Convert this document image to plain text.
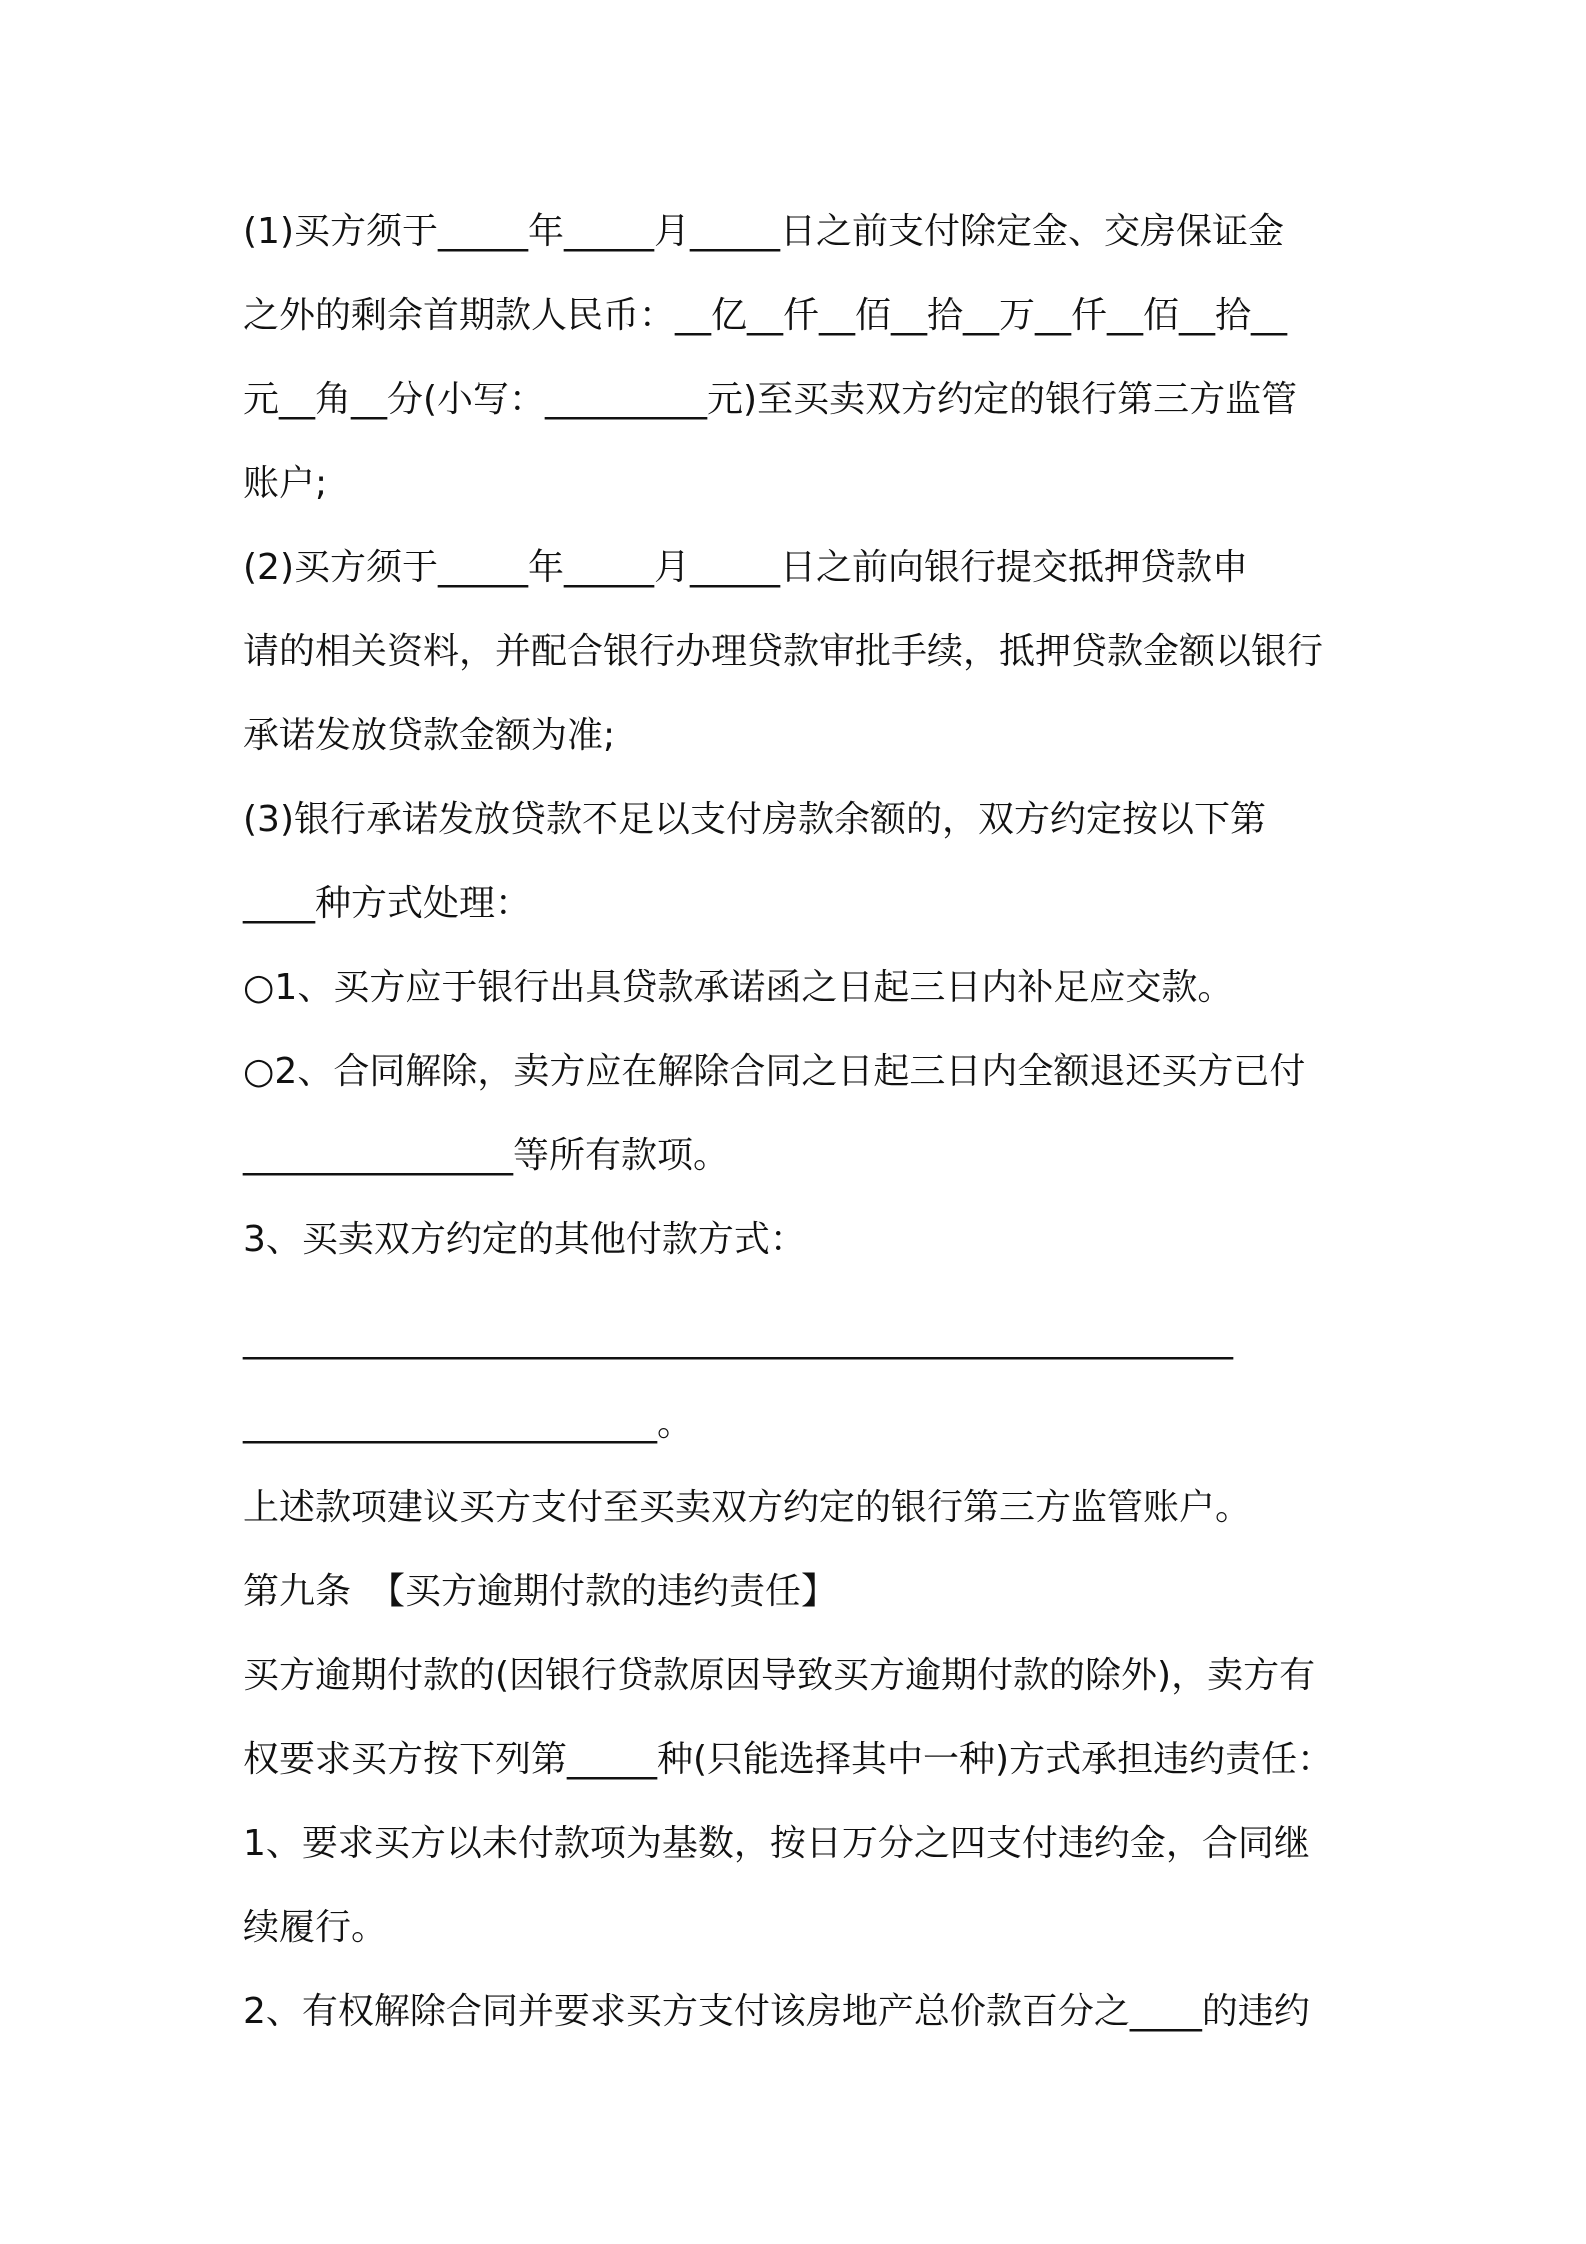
(1)买方须于_____年_____月_____日之前支付除定金、交房保证金
之外的剩余首期款人民币：__亿__仟__佰__拾__万__仟__佰__拾__
元__角__分(小写：_________元)至买卖双方约定的银行第三方监管
账户;
(2)买方须于_____年_____月_____日之前向银行提交抵押贷款申
请的相关资料，并配合银行办理贷款审批手续，抵押贷款金额以银行
承诺发放贷款金额为准;
(3)银行承诺发放贷款不足以支付房款余额的，双方约定按以下第
____种方式处理：
○1、买方应于银行出具贷款承诺函之日起三日内补足应交款。
○2、合同解除，卖方应在解除合同之日起三日内全额退还买方已付
_______________等所有款项。
3、买卖双方约定的其他付款方式：
_______________________________________________________
_______________________。
上述款项建议买方支付至买卖双方约定的银行第三方监管账户。
第九条　【买方逾期付款的违约责任】
买方逾期付款的(因银行贷款原因导致买方逾期付款的除外)，卖方有
权要求买方按下列第_____种(只能选择其中一种)方式承担违约责任：
1、要求买方以未付款项为基数，按日万分之四支付违约金，合同继
续履行。
2、有权解除合同并要求买方支付该房地产总价款百分之____的违约
